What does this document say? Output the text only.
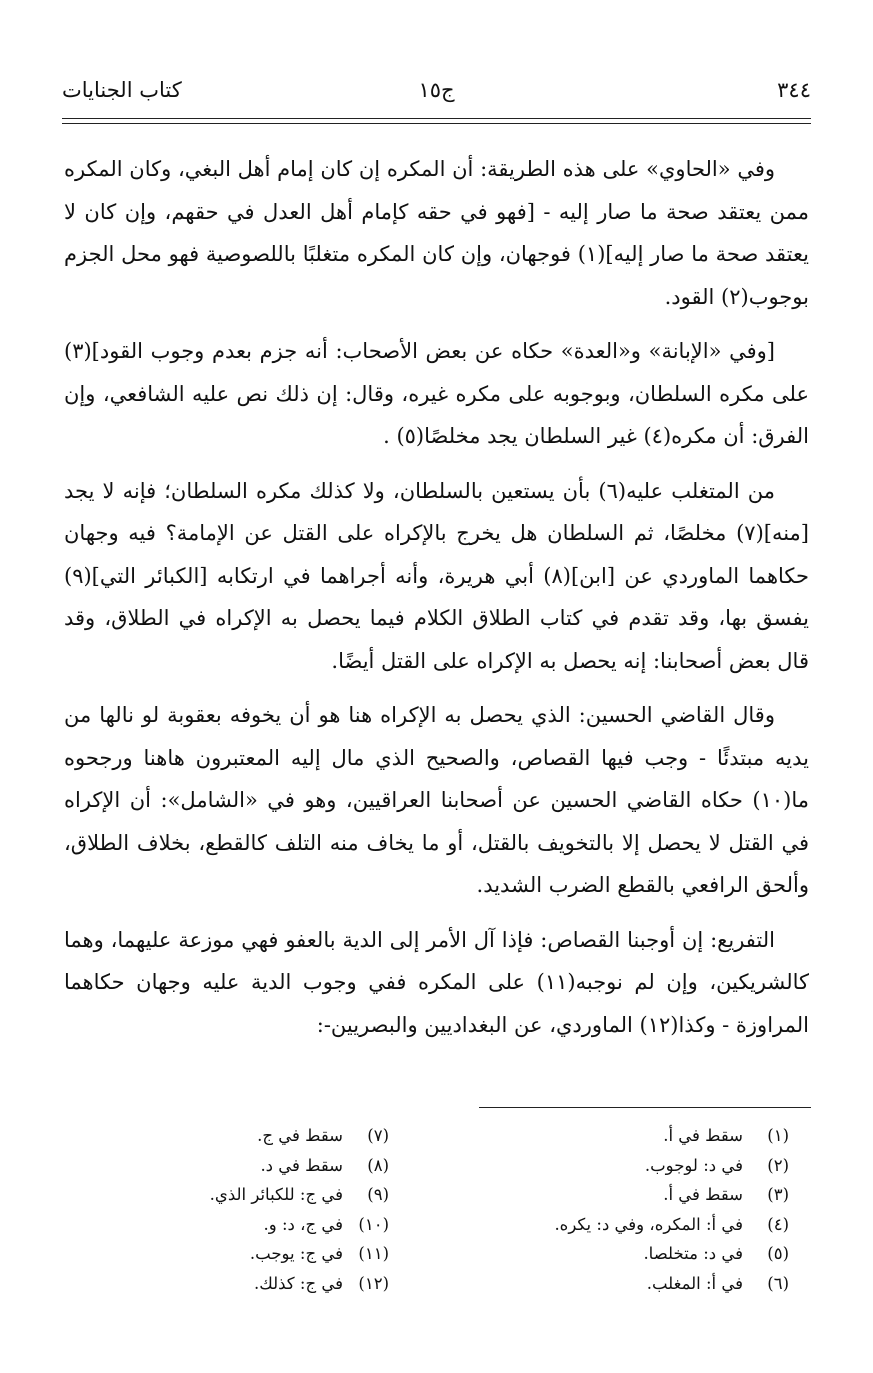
٣٤٤
ج١٥
كتاب الجنايات

وفي «الحاوي» على هذه الطريقة: أن المكره إن كان إمام أهل البغي، وكان المكره ممن يعتقد صحة ما صار إليه - [فهو في حقه كإمام أهل العدل في حقهم، وإن كان لا يعتقد صحة ما صار إليه](١) فوجهان، وإن كان المكره متغلبًا باللصوصية فهو محل الجزم بوجوب(٢) القود.

[وفي «الإبانة» و«العدة» حكاه عن بعض الأصحاب: أنه جزم بعدم وجوب القود](٣) على مكره السلطان، وبوجوبه على مكره غيره، وقال: إن ذلك نص عليه الشافعي، وإن الفرق: أن مكره(٤) غير السلطان يجد مخلصًا(٥) .

من المتغلب عليه(٦) بأن يستعين بالسلطان، ولا كذلك مكره السلطان؛ فإنه لا يجد [منه](٧) مخلصًا، ثم السلطان هل يخرج بالإكراه على القتل عن الإمامة؟ فيه وجهان حكاهما الماوردي عن [ابن](٨) أبي هريرة، وأنه أجراهما في ارتكابه [الكبائر التي](٩) يفسق بها، وقد تقدم في كتاب الطلاق الكلام فيما يحصل به الإكراه في الطلاق، وقد قال بعض أصحابنا: إنه يحصل به الإكراه على القتل أيضًا.

وقال القاضي الحسين: الذي يحصل به الإكراه هنا هو أن يخوفه بعقوبة لو نالها من يديه مبتدئًا - وجب فيها القصاص، والصحيح الذي مال إليه المعتبرون هاهنا ورجحوه ما(١٠) حكاه القاضي الحسين عن أصحابنا العراقيين، وهو في «الشامل»: أن الإكراه في القتل لا يحصل إلا بالتخويف بالقتل، أو ما يخاف منه التلف كالقطع، بخلاف الطلاق، وألحق الرافعي بالقطع الضرب الشديد.

التفريع: إن أوجبنا القصاص: فإذا آل الأمر إلى الدية بالعفو فهي موزعة عليهما، وهما كالشريكين، وإن لم نوجبه(١١) على المكره ففي وجوب الدية عليه وجهان حكاهما المراوزة - وكذا(١٢) الماوردي، عن البغداديين والبصريين-:

(١)سقط في أ.
(٢)في د: لوجوب.
(٣)سقط في أ.
(٤)في أ: المكره، وفي د: يكره.
(٥)في د: متخلصا.
(٦)في أ: المغلب.
(٧)سقط في ج.
(٨)سقط في د.
(٩)في ج: للكبائر الذي.
(١٠)في ج، د: و.
(١١)في ج: يوجب.
(١٢)في ج: كذلك.
